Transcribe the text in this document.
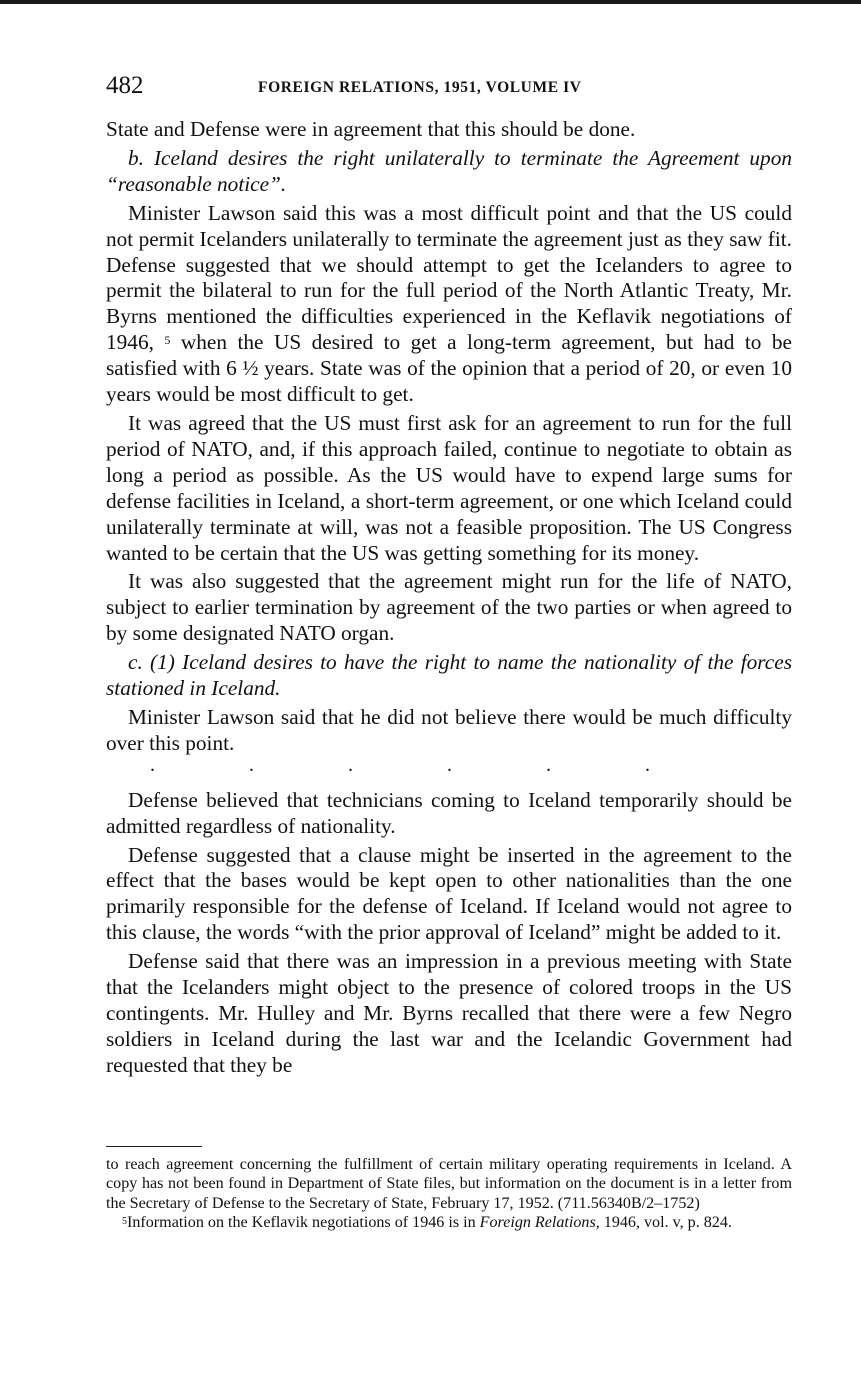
482	FOREIGN RELATIONS, 1951, VOLUME IV

State and Defense were in agreement that this should be done.

b. Iceland desires the right unilaterally to terminate the Agreement upon “reasonable notice”.

Minister Lawson said this was a most difficult point and that the US could not permit Icelanders unilaterally to terminate the agreement just as they saw fit. Defense suggested that we should attempt to get the Icelanders to agree to permit the bilateral to run for the full period of the North Atlantic Treaty, Mr. Byrns mentioned the difficulties experienced in the Keflavik negotiations of 1946, $^5$ when the US desired to get a long-term agreement, but had to be satisfied with 6 ½ years. State was of the opinion that a period of 20, or even 10 years would be most difficult to get.

It was agreed that the US must first ask for an agreement to run for the full period of NATO, and, if this approach failed, continue to negotiate to obtain as long a period as possible. As the US would have to expend large sums for defense facilities in Iceland, a short-term agreement, or one which Iceland could unilaterally terminate at will, was not a feasible proposition. The US Congress wanted to be certain that the US was getting something for its money.

It was also suggested that the agreement might run for the life of NATO, subject to earlier termination by agreement of the two parties or when agreed to by some designated NATO organ.

c. (1) Iceland desires to have the right to name the nationality of the forces stationed in Iceland.

Minister Lawson said that he did not believe there would be much difficulty over this point.

.	.	.	.	.	.

Defense believed that technicians coming to Iceland temporarily should be admitted regardless of nationality.

Defense suggested that a clause might be inserted in the agreement to the effect that the bases would be kept open to other nationalities than the one primarily responsible for the defense of Iceland. If Iceland would not agree to this clause, the words “with the prior approval of Iceland” might be added to it.

Defense said that there was an impression in a previous meeting with State that the Icelanders might object to the presence of colored troops in the US contingents. Mr. Hulley and Mr. Byrns recalled that there were a few Negro soldiers in Iceland during the last war and the Icelandic Government had requested that they be

to reach agreement concerning the fulfillment of certain military operating requirements in Iceland. A copy has not been found in Department of State files, but information on the document is in a letter from the Secretary of Defense to the Secretary of State, February 17, 1952. (711.56340B/2–1752)

$^5$Information on the Keflavik negotiations of 1946 is in Foreign Relations, 1946, vol. v, p. 824.
